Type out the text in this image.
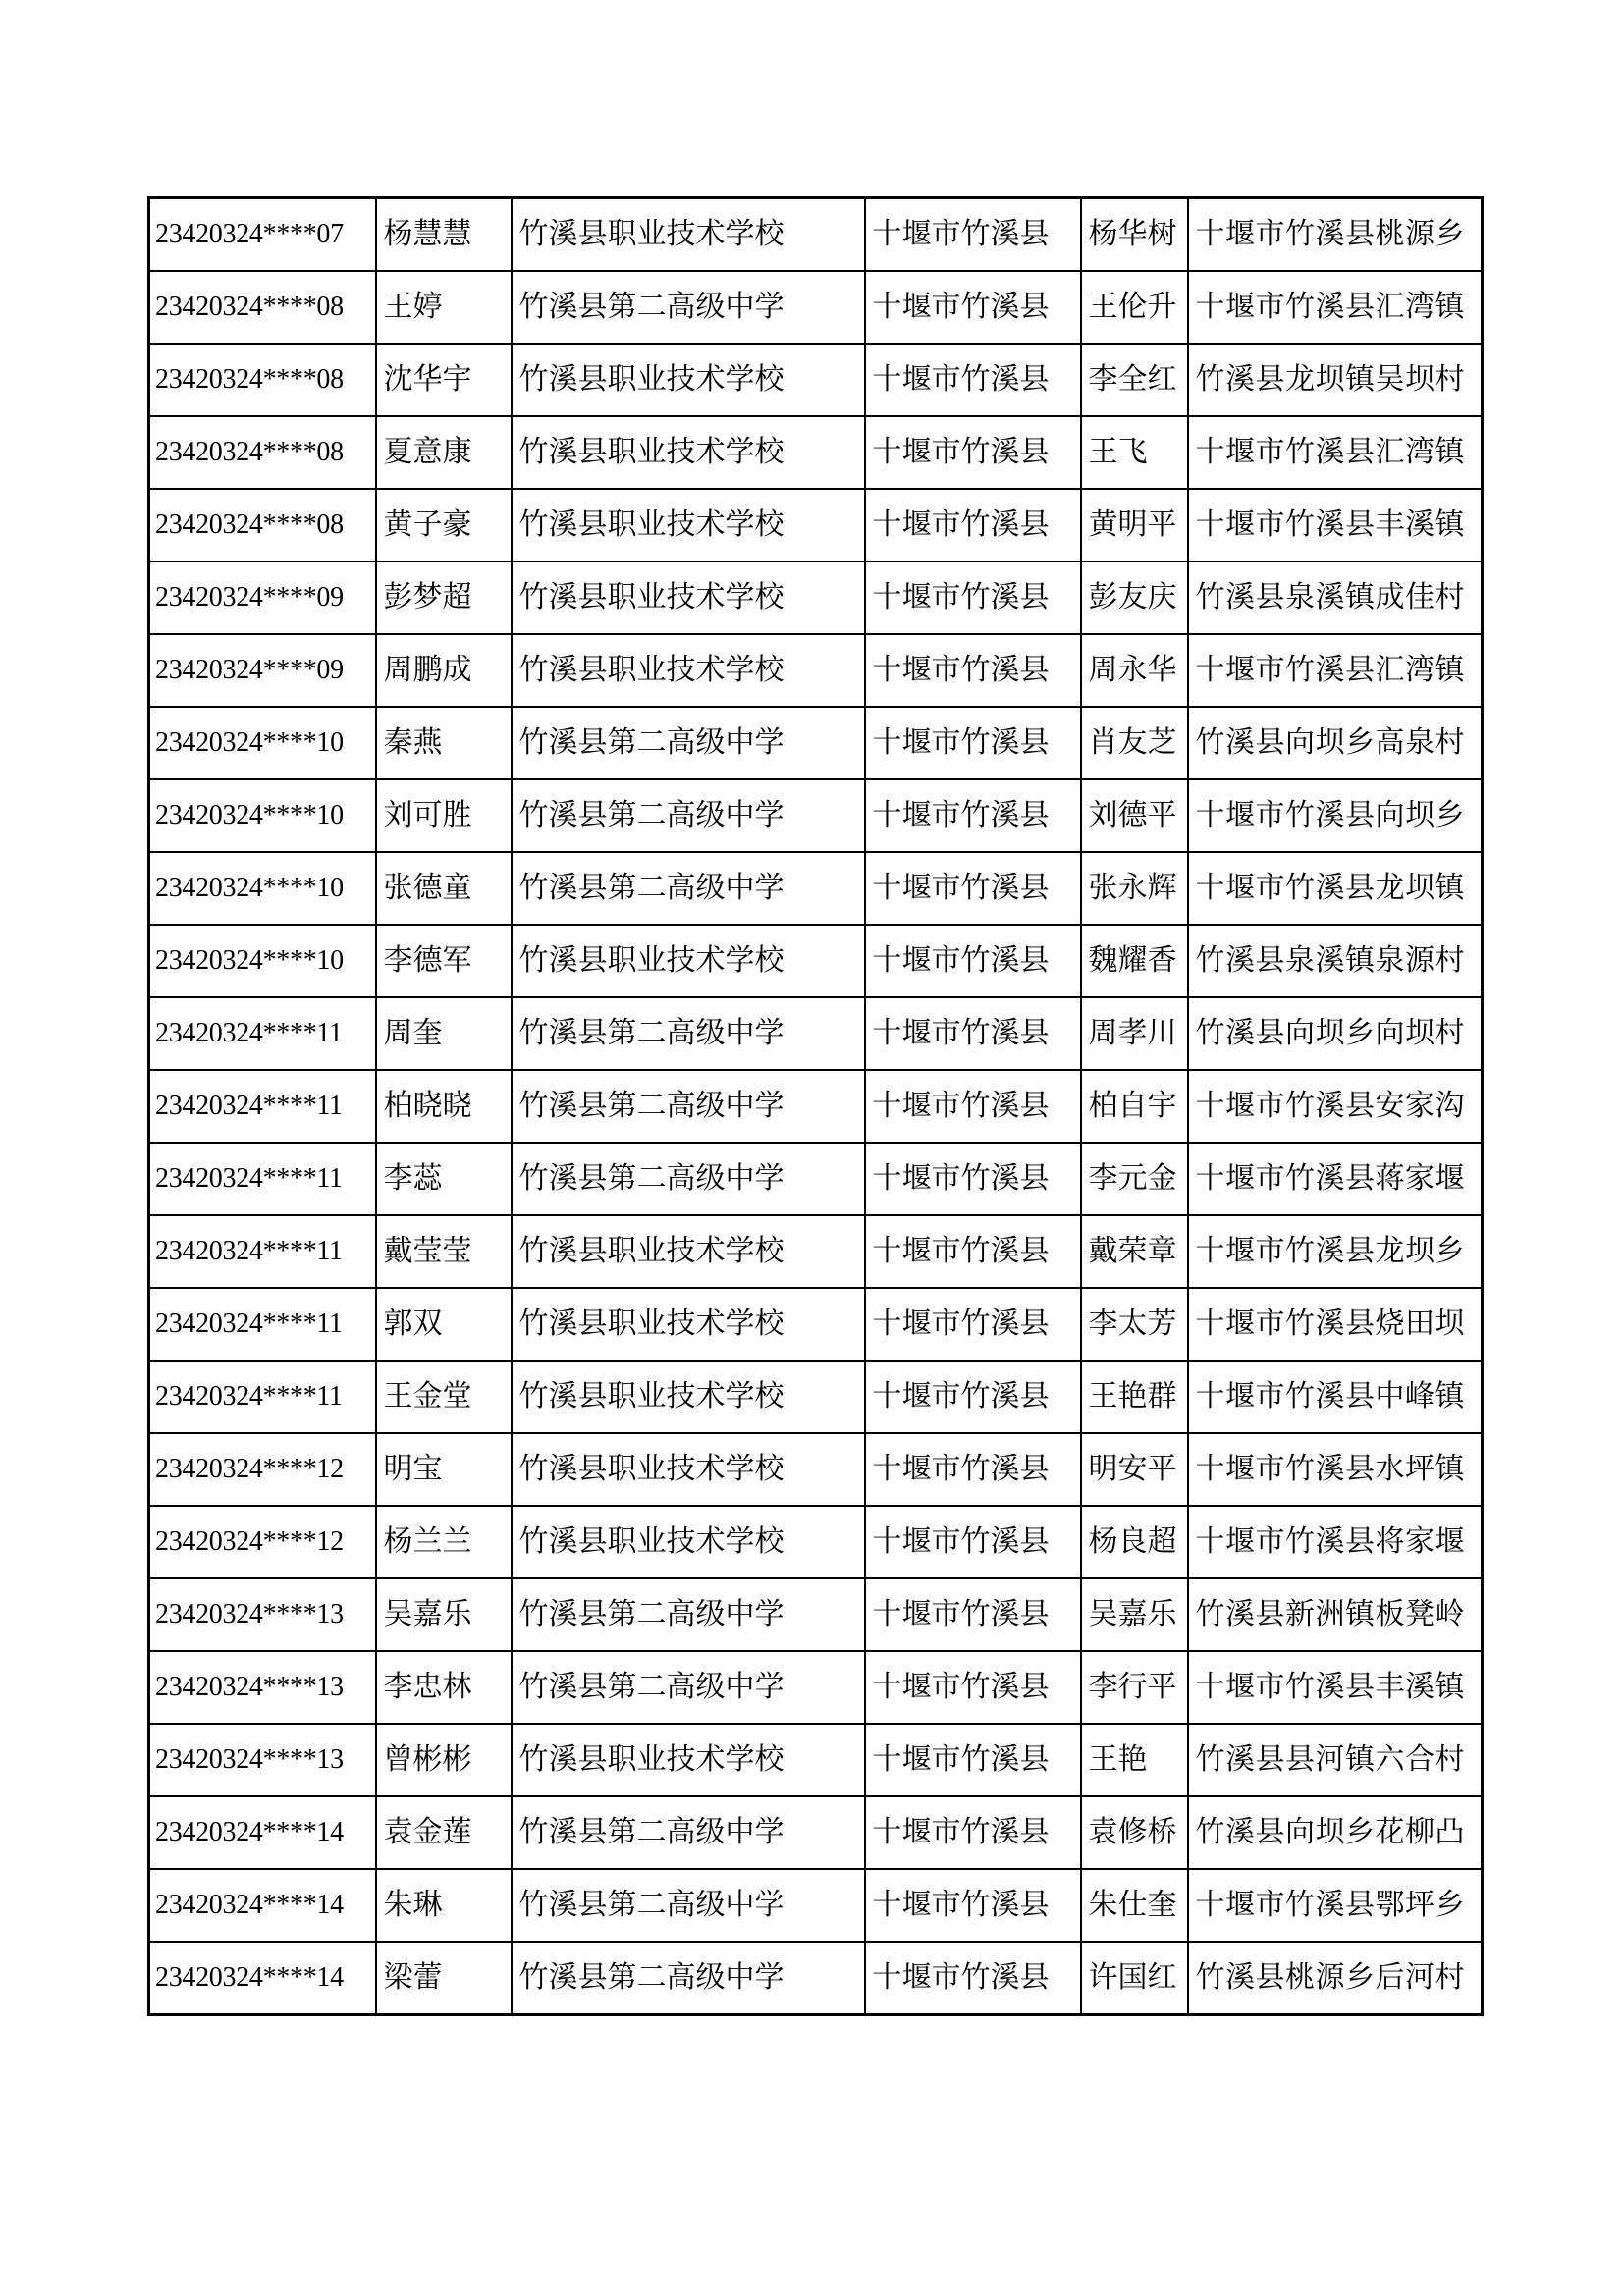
23420324****07	杨慧慧	竹溪县职业技术学校	十堰市竹溪县	杨华树	十堰市竹溪县桃源乡
23420324****08	王婷	竹溪县第二高级中学	十堰市竹溪县	王伦升	十堰市竹溪县汇湾镇
23420324****08	沈华宇	竹溪县职业技术学校	十堰市竹溪县	李全红	竹溪县龙坝镇吴坝村
23420324****08	夏意康	竹溪县职业技术学校	十堰市竹溪县	王飞	十堰市竹溪县汇湾镇
23420324****08	黄子豪	竹溪县职业技术学校	十堰市竹溪县	黄明平	十堰市竹溪县丰溪镇
23420324****09	彭梦超	竹溪县职业技术学校	十堰市竹溪县	彭友庆	竹溪县泉溪镇成佳村
23420324****09	周鹏成	竹溪县职业技术学校	十堰市竹溪县	周永华	十堰市竹溪县汇湾镇
23420324****10	秦燕	竹溪县第二高级中学	十堰市竹溪县	肖友芝	竹溪县向坝乡高泉村
23420324****10	刘可胜	竹溪县第二高级中学	十堰市竹溪县	刘德平	十堰市竹溪县向坝乡
23420324****10	张德童	竹溪县第二高级中学	十堰市竹溪县	张永辉	十堰市竹溪县龙坝镇
23420324****10	李德军	竹溪县职业技术学校	十堰市竹溪县	魏耀香	竹溪县泉溪镇泉源村
23420324****11	周奎	竹溪县第二高级中学	十堰市竹溪县	周孝川	竹溪县向坝乡向坝村
23420324****11	柏晓晓	竹溪县第二高级中学	十堰市竹溪县	柏自宇	十堰市竹溪县安家沟
23420324****11	李蕊	竹溪县第二高级中学	十堰市竹溪县	李元金	十堰市竹溪县蒋家堰
23420324****11	戴莹莹	竹溪县职业技术学校	十堰市竹溪县	戴荣章	十堰市竹溪县龙坝乡
23420324****11	郭双	竹溪县职业技术学校	十堰市竹溪县	李太芳	十堰市竹溪县烧田坝
23420324****11	王金堂	竹溪县职业技术学校	十堰市竹溪县	王艳群	十堰市竹溪县中峰镇
23420324****12	明宝	竹溪县职业技术学校	十堰市竹溪县	明安平	十堰市竹溪县水坪镇
23420324****12	杨兰兰	竹溪县职业技术学校	十堰市竹溪县	杨良超	十堰市竹溪县将家堰
23420324****13	吴嘉乐	竹溪县第二高级中学	十堰市竹溪县	吴嘉乐	竹溪县新洲镇板凳岭
23420324****13	李忠林	竹溪县第二高级中学	十堰市竹溪县	李行平	十堰市竹溪县丰溪镇
23420324****13	曾彬彬	竹溪县职业技术学校	十堰市竹溪县	王艳	竹溪县县河镇六合村
23420324****14	袁金莲	竹溪县第二高级中学	十堰市竹溪县	袁修桥	竹溪县向坝乡花柳凸
23420324****14	朱琳	竹溪县第二高级中学	十堰市竹溪县	朱仕奎	十堰市竹溪县鄂坪乡
23420324****14	梁蕾	竹溪县第二高级中学	十堰市竹溪县	许国红	竹溪县桃源乡后河村
